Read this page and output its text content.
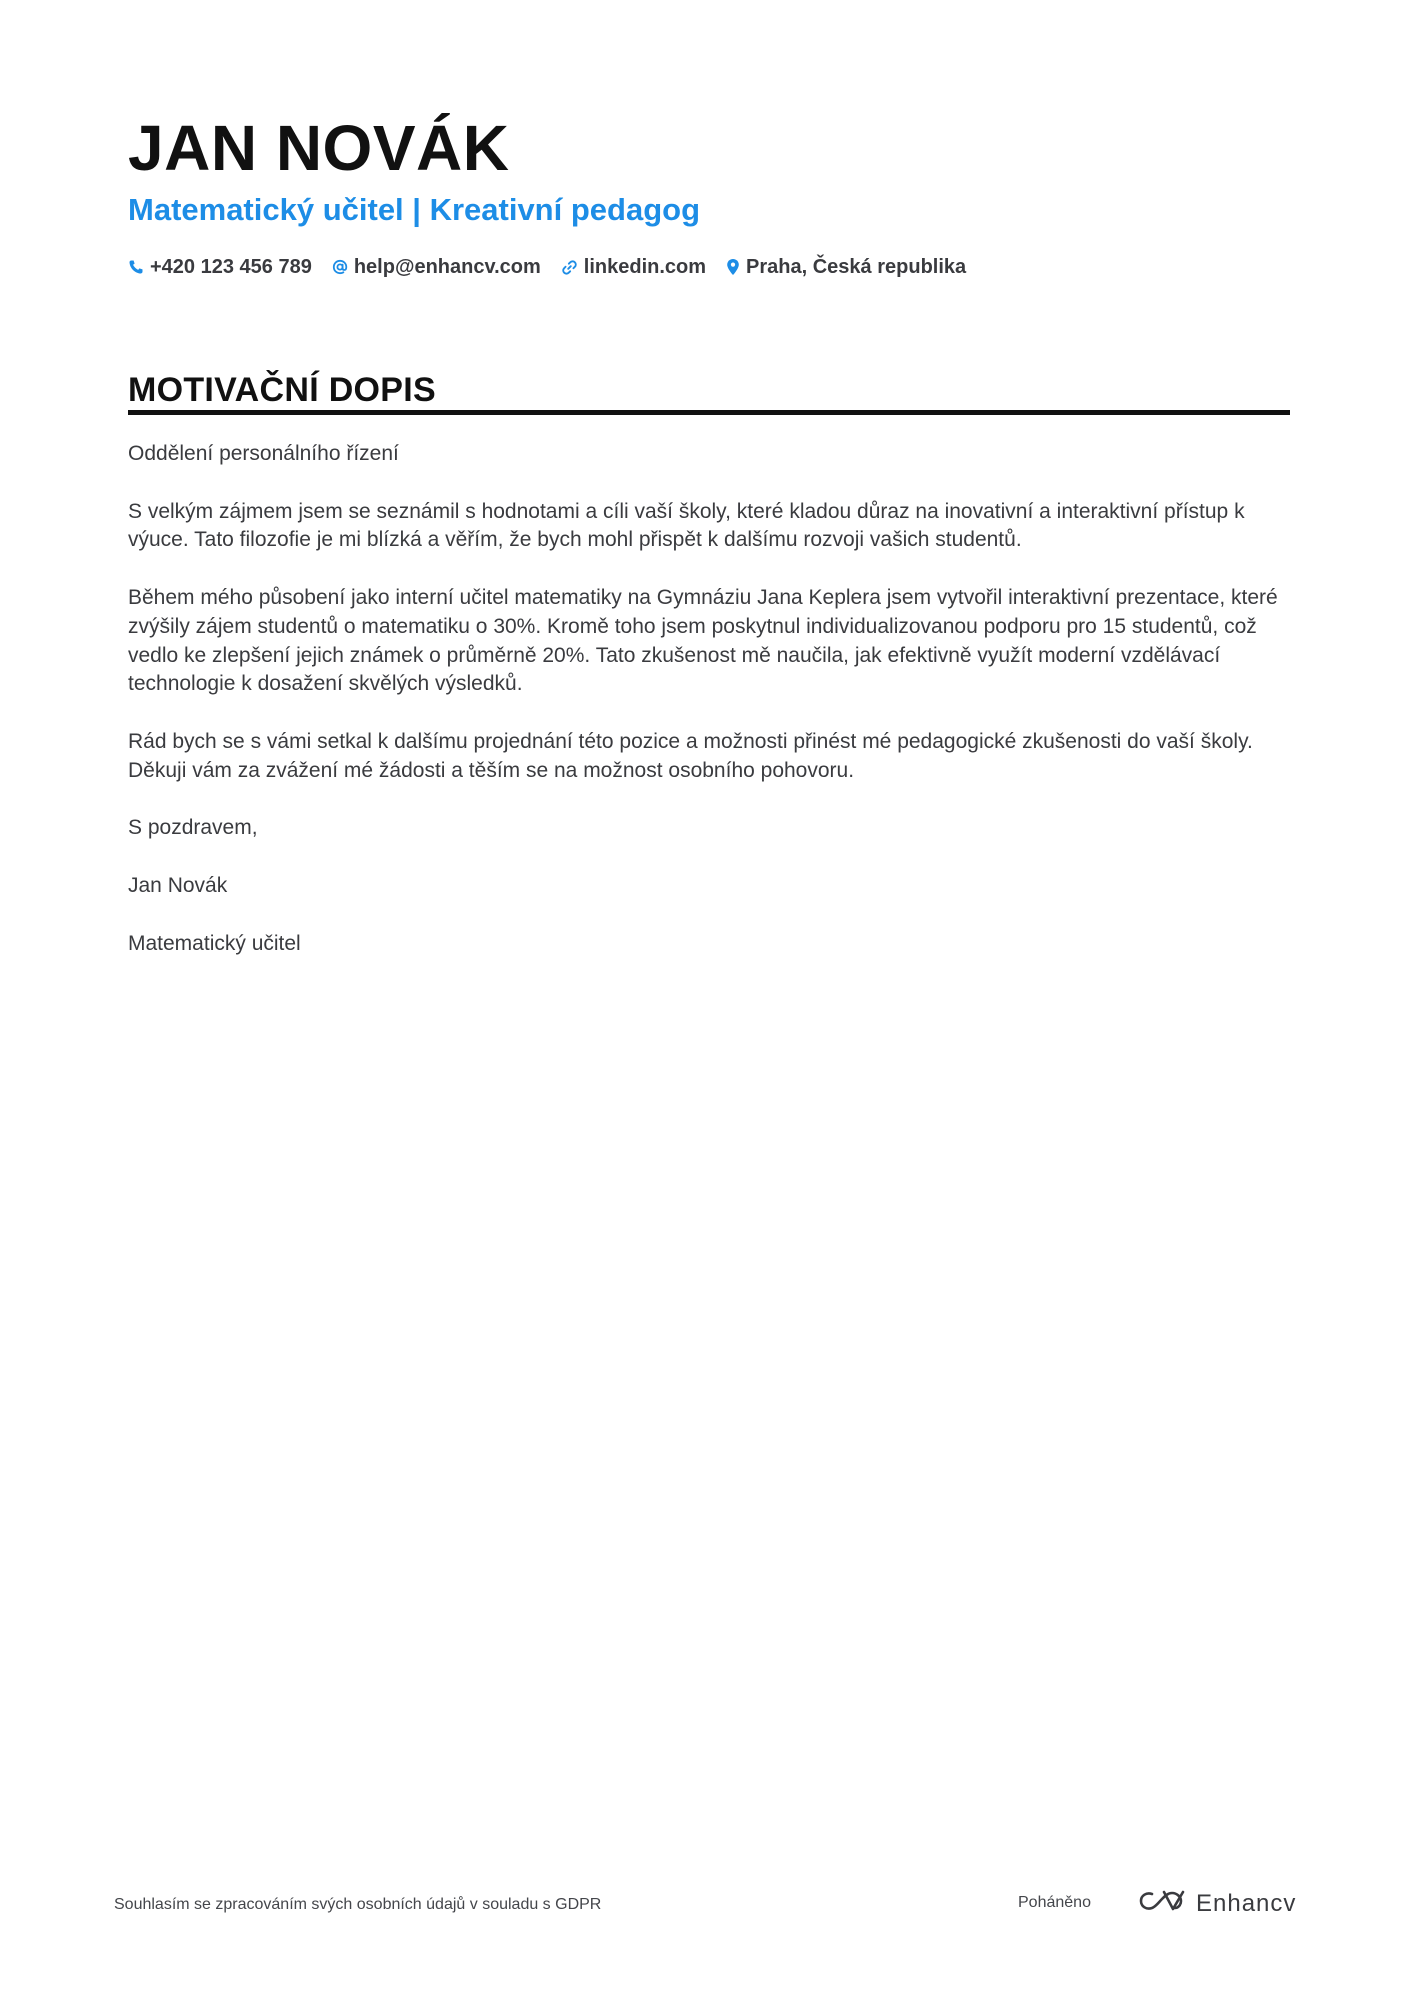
JAN NOVÁK
Matematický učitel | Kreativní pedagog
+420 123 456 789 help@enhancv.com linkedin.com Praha, Česká republika
MOTIVAČNÍ DOPIS

Oddělení personálního řízení

S velkým zájmem jsem se seznámil s hodnotami a cíli vaší školy, které kladou důraz na inovativní a interaktivní přístup k výuce. Tato filozofie je mi blízká a věřím, že bych mohl přispět k dalšímu rozvoji vašich studentů.

Během mého působení jako interní učitel matematiky na Gymnáziu Jana Keplera jsem vytvořil interaktivní prezentace, které zvýšily zájem studentů o matematiku o 30%. Kromě toho jsem poskytnul individualizovanou podporu pro 15 studentů, což vedlo ke zlepšení jejich známek o průměrně 20%. Tato zkušenost mě naučila, jak efektivně využít moderní vzdělávací technologie k dosažení skvělých výsledků.

Rád bych se s vámi setkal k dalšímu projednání této pozice a možnosti přinést mé pedagogické zkušenosti do vaší školy. Děkuji vám za zvážení mé žádosti a těším se na možnost osobního pohovoru.

S pozdravem,

Jan Novák

Matematický učitel

Souhlasím se zpracováním svých osobních údajů v souladu s GDPR	Poháněno	Enhancv
